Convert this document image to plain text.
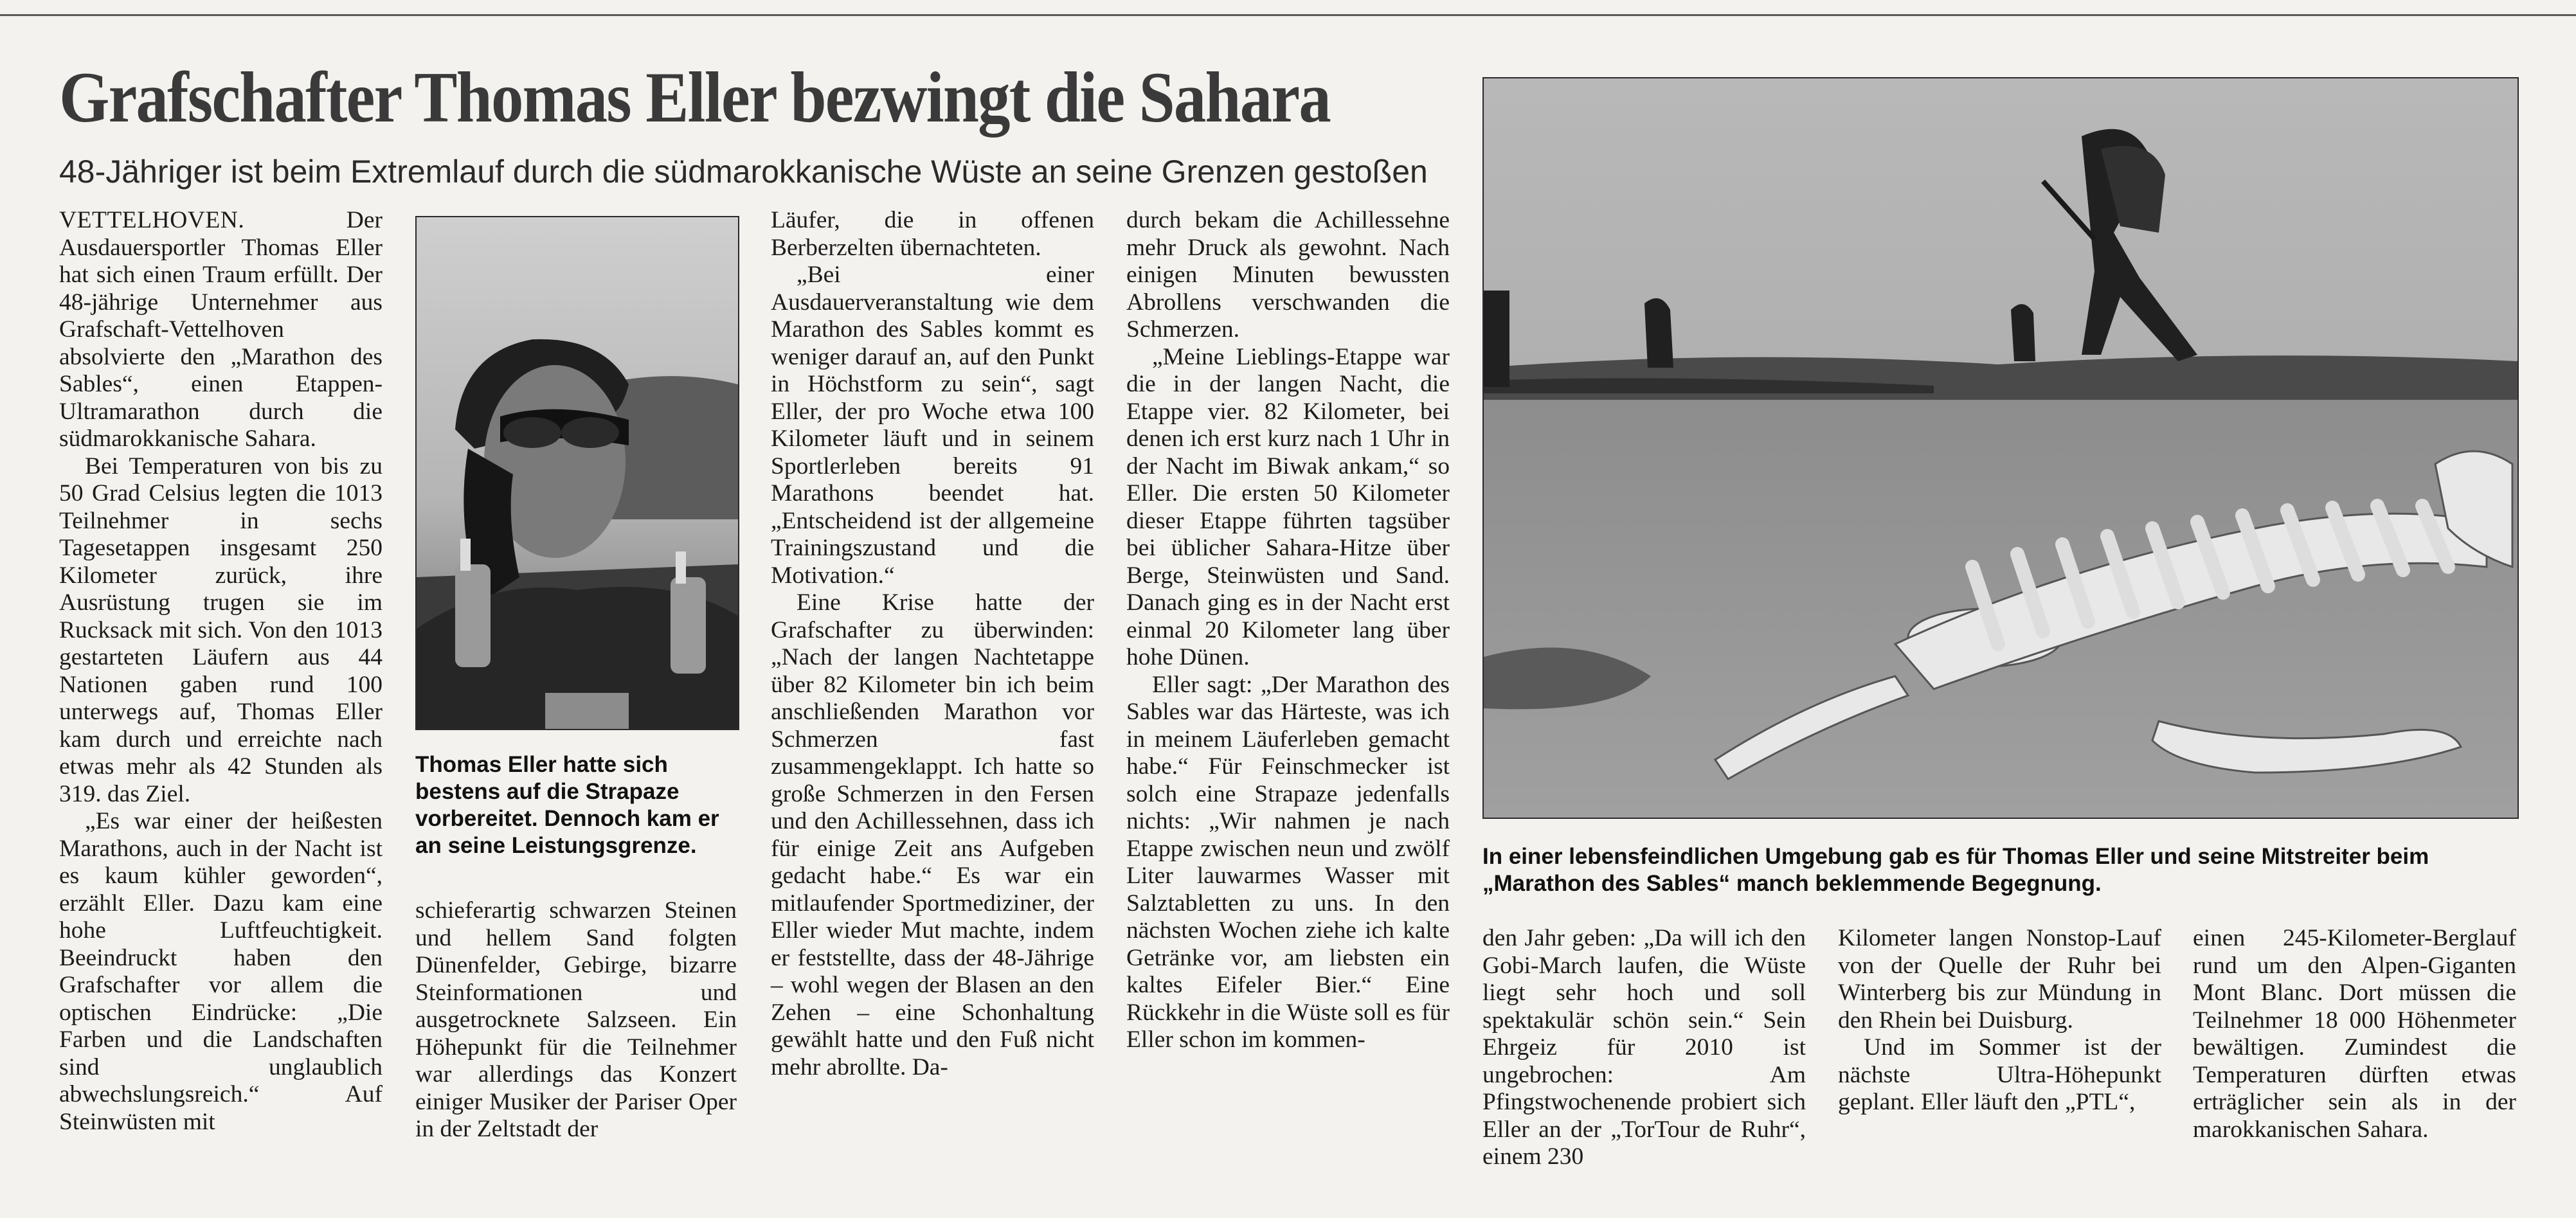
Grafschafter Thomas Eller bezwingt die Sahara
48-Jähriger ist beim Extremlauf durch die südmarokkanische Wüste an seine Grenzen gestoßen

VETTELHOVEN. Der Ausdauersportler Thomas Eller hat sich einen Traum erfüllt. Der 48-jährige Unternehmer aus Grafschaft-Vettelhoven absolvierte den „Marathon des Sables“, einen Etappen-Ultramarathon durch die südmarokkanische Sahara.

Bei Temperaturen von bis zu 50 Grad Celsius legten die 1013 Teilnehmer in sechs Tagesetappen insgesamt 250 Kilometer zurück, ihre Ausrüstung trugen sie im Rucksack mit sich. Von den 1013 gestarteten Läufern aus 44 Nationen gaben rund 100 unterwegs auf, Thomas Eller kam durch und erreichte nach etwas mehr als 42 Stunden als 319. das Ziel.

„Es war einer der heißesten Marathons, auch in der Nacht ist es kaum kühler geworden“, erzählt Eller. Dazu kam eine hohe Luftfeuchtigkeit. Beeindruckt haben den Grafschafter vor allem die optischen Eindrücke: „Die Farben und die Landschaften sind unglaublich abwechslungsreich.“ Auf Steinwüsten mit

Thomas Eller hatte sich bestens auf die Strapaze vorbereitet. Dennoch kam er an seine Leistungsgrenze.

schieferartig schwarzen Steinen und hellem Sand folgten Dünenfelder, Gebirge, bizarre Steinformationen und ausgetrocknete Salzseen. Ein Höhepunkt für die Teilnehmer war allerdings das Konzert einiger Musiker der Pariser Oper in der Zeltstadt der

Läufer, die in offenen Berberzelten übernachteten.

„Bei einer Ausdauerveranstaltung wie dem Marathon des Sables kommt es weniger darauf an, auf den Punkt in Höchstform zu sein“, sagt Eller, der pro Woche etwa 100 Kilometer läuft und in seinem Sportlerleben bereits 91 Marathons beendet hat. „Entscheidend ist der allgemeine Trainingszustand und die Motivation.“

Eine Krise hatte der Grafschafter zu überwinden: „Nach der langen Nachtetappe über 82 Kilometer bin ich beim anschließenden Marathon vor Schmerzen fast zusammengeklappt. Ich hatte so große Schmerzen in den Fersen und den Achillessehnen, dass ich für einige Zeit ans Aufgeben gedacht habe.“ Es war ein mitlaufender Sportmediziner, der Eller wieder Mut machte, indem er feststellte, dass der 48-Jährige – wohl wegen der Blasen an den Zehen – eine Schonhaltung gewählt hatte und den Fuß nicht mehr abrollte. Da-

durch bekam die Achillessehne mehr Druck als gewohnt. Nach einigen Minuten bewussten Abrollens verschwanden die Schmerzen.

„Meine Lieblings-Etappe war die in der langen Nacht, die Etappe vier. 82 Kilometer, bei denen ich erst kurz nach 1 Uhr in der Nacht im Biwak ankam,“ so Eller. Die ersten 50 Kilometer dieser Etappe führten tagsüber bei üblicher Sahara-Hitze über Berge, Steinwüsten und Sand. Danach ging es in der Nacht erst einmal 20 Kilometer lang über hohe Dünen.

Eller sagt: „Der Marathon des Sables war das Härteste, was ich in meinem Läuferleben gemacht habe.“ Für Feinschmecker ist solch eine Strapaze jedenfalls nichts: „Wir nahmen je nach Etappe zwischen neun und zwölf Liter lauwarmes Wasser mit Salztabletten zu uns. In den nächsten Wochen ziehe ich kalte Getränke vor, am liebsten ein kaltes Eifeler Bier.“ Eine Rückkehr in die Wüste soll es für Eller schon im kommen-

In einer lebensfeindlichen Umgebung gab es für Thomas Eller und seine Mitstreiter beim „Marathon des Sables“ manch beklemmende Begegnung.

den Jahr geben: „Da will ich den Gobi-March laufen, die Wüste liegt sehr hoch und soll spektakulär schön sein.“ Sein Ehrgeiz für 2010 ist ungebrochen: Am Pfingstwochenende probiert sich Eller an der „TorTour de Ruhr“, einem 230

Kilometer langen Nonstop-Lauf von der Quelle der Ruhr bei Winterberg bis zur Mündung in den Rhein bei Duisburg.

Und im Sommer ist der nächste Ultra-Höhepunkt geplant. Eller läuft den „PTL“,

einen 245-Kilometer-Berglauf rund um den Alpen-Giganten Mont Blanc. Dort müssen die Teilnehmer 18 000 Höhenmeter bewältigen. Zumindest die Temperaturen dürften etwas erträglicher sein als in der marokkanischen Sahara.
